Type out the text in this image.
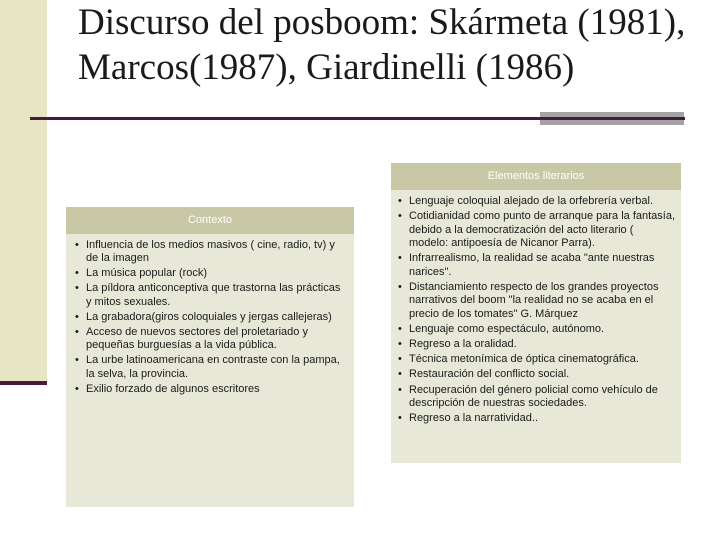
Discurso del posboom: Skármeta (1981), Marcos(1987), Giardinelli (1986)
Contexto
• Influencia de los medios masivos ( cine, radio, tv) y de la imagen
• La música popular (rock)
• La píldora anticonceptiva que trastorna las prácticas y mitos sexuales.
• La grabadora(giros coloquiales y jergas callejeras)
• Acceso de nuevos sectores del proletariado y pequeñas burguesías a la vida pública.
• La urbe latinoamericana en contraste con la pampa, la selva, la provincia.
• Exilio forzado de algunos escritores
Elementos literarios
• Lenguaje coloquial alejado de la orfebrería verbal.
• Cotidianidad como punto de arranque para la fantasía, debido a la democratización del acto literario ( modelo: antipoesía de Nicanor Parra).
• Infrarrealismo, la realidad se acaba "ante nuestras narices".
• Distanciamiento respecto de los grandes proyectos narrativos del boom "la realidad no se acaba en el precio de los tomates" G. Márquez
• Lenguaje como espectáculo, autónomo.
• Regreso a la oralidad.
• Técnica metonímica de óptica cinematográfica.
• Restauración del conflicto social.
• Recuperación del género policial como vehículo de descripción de nuestras sociedades.
• Regreso a la narratividad..
